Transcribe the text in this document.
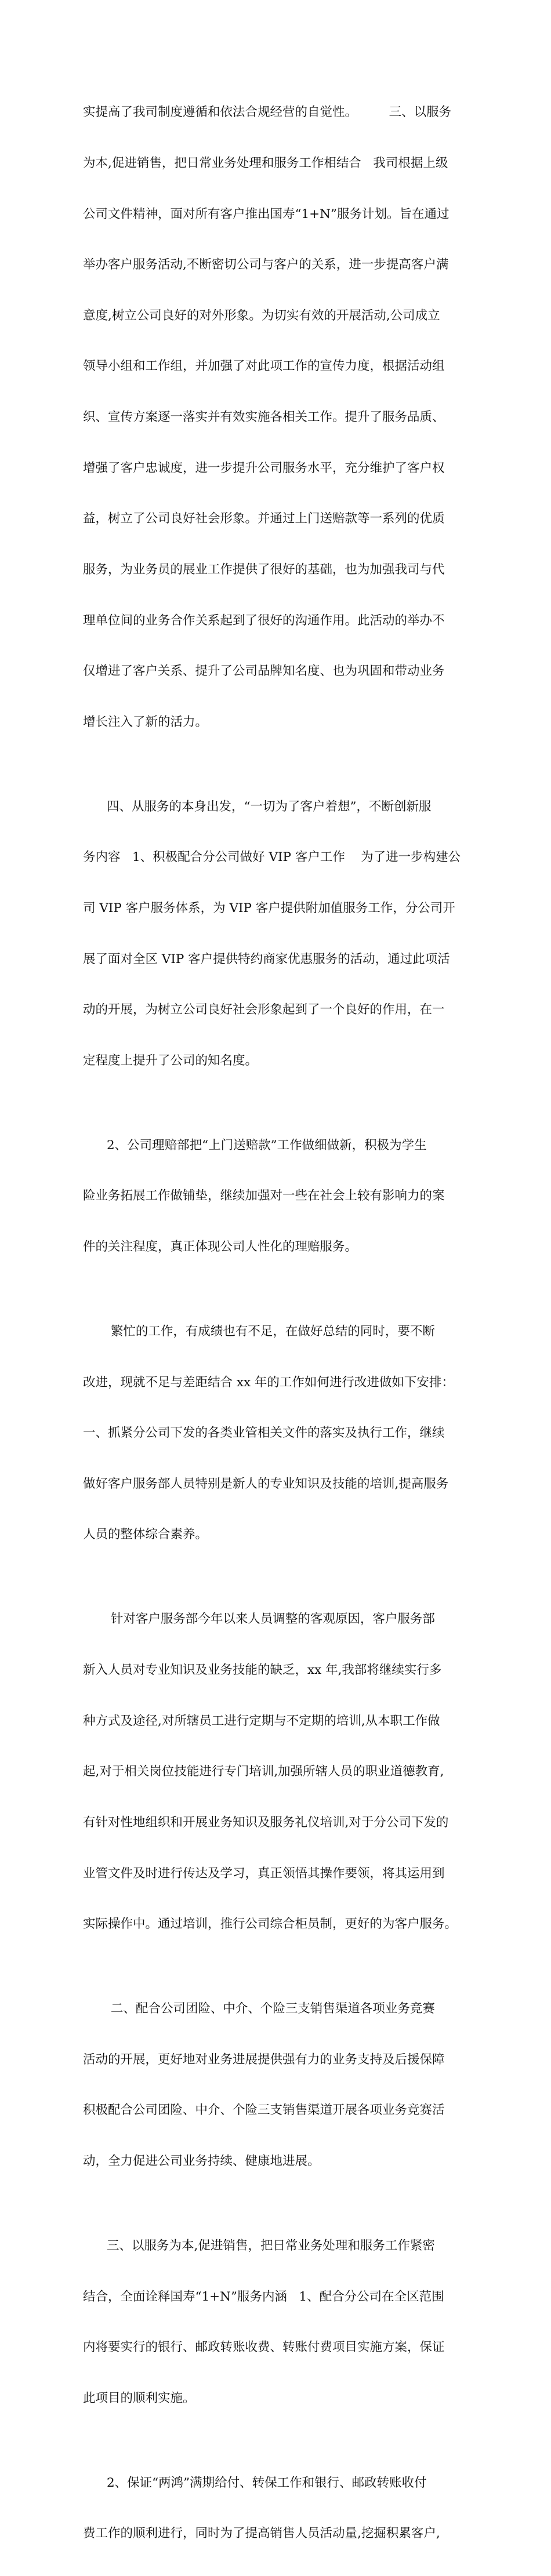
实提高了我司制度遵循和依法合规经营的自觉性。        三、以服务

为本,促进销售，把日常业务处理和服务工作相结合   我司根据上级

公司文件精神，面对所有客户推出国寿“1+N”服务计划。旨在通过

举办客户服务活动,不断密切公司与客户的关系，进一步提高客户满

意度,树立公司良好的对外形象。为切实有效的开展活动,公司成立

领导小组和工作组，并加强了对此项工作的宣传力度，根据活动组

织、宣传方案逐一落实并有效实施各相关工作。提升了服务品质、

增强了客户忠诚度，进一步提升公司服务水平，充分维护了客户权

益，树立了公司良好社会形象。并通过上门送赔款等一系列的优质

服务，为业务员的展业工作提供了很好的基础，也为加强我司与代

理单位间的业务合作关系起到了很好的沟通作用。此活动的举办不

仅增进了客户关系、提升了公司品牌知名度、也为巩固和带动业务

增长注入了新的活力。

四、从服务的本身出发，“一切为了客户着想”，不断创新服

务内容   1、积极配合分公司做好 VIP 客户工作    为了进一步构建公

司 VIP 客户服务体系，为 VIP 客户提供附加值服务工作，分公司开

展了面对全区 VIP 客户提供特约商家优惠服务的活动，通过此项活

动的开展，为树立公司良好社会形象起到了一个良好的作用，在一

定程度上提升了公司的知名度。

2、公司理赔部把“上门送赔款”工作做细做新，积极为学生

险业务拓展工作做铺垫，继续加强对一些在社会上较有影响力的案

件的关注程度，真正体现公司人性化的理赔服务。

繁忙的工作，有成绩也有不足，在做好总结的同时，要不断

改进，现就不足与差距结合 xx 年的工作如何进行改进做如下安排：

一、抓紧分公司下发的各类业管相关文件的落实及执行工作，继续

做好客户服务部人员特别是新人的专业知识及技能的培训,提高服务

人员的整体综合素养。

针对客户服务部今年以来人员调整的客观原因，客户服务部

新入人员对专业知识及业务技能的缺乏，xx 年,我部将继续实行多

种方式及途径,对所辖员工进行定期与不定期的培训,从本职工作做

起,对于相关岗位技能进行专门培训,加强所辖人员的职业道德教育,

有针对性地组织和开展业务知识及服务礼仪培训,对于分公司下发的

业管文件及时进行传达及学习，真正领悟其操作要领，将其运用到

实际操作中。通过培训，推行公司综合柜员制，更好的为客户服务。

二、配合公司团险、中介、个险三支销售渠道各项业务竞赛

活动的开展，更好地对业务进展提供强有力的业务支持及后援保障

积极配合公司团险、中介、个险三支销售渠道开展各项业务竞赛活

动，全力促进公司业务持续、健康地进展。

三、以服务为本,促进销售，把日常业务处理和服务工作紧密

结合，全面诠释国寿“1+N”服务内涵   1、配合分公司在全区范围

内将要实行的银行、邮政转账收费、转账付费项目实施方案，保证

此项目的顺利实施。

2、保证“两鸿”满期给付、转保工作和银行、邮政转账收付

费工作的顺利进行，同时为了提高销售人员活动量,挖掘积累客户,
